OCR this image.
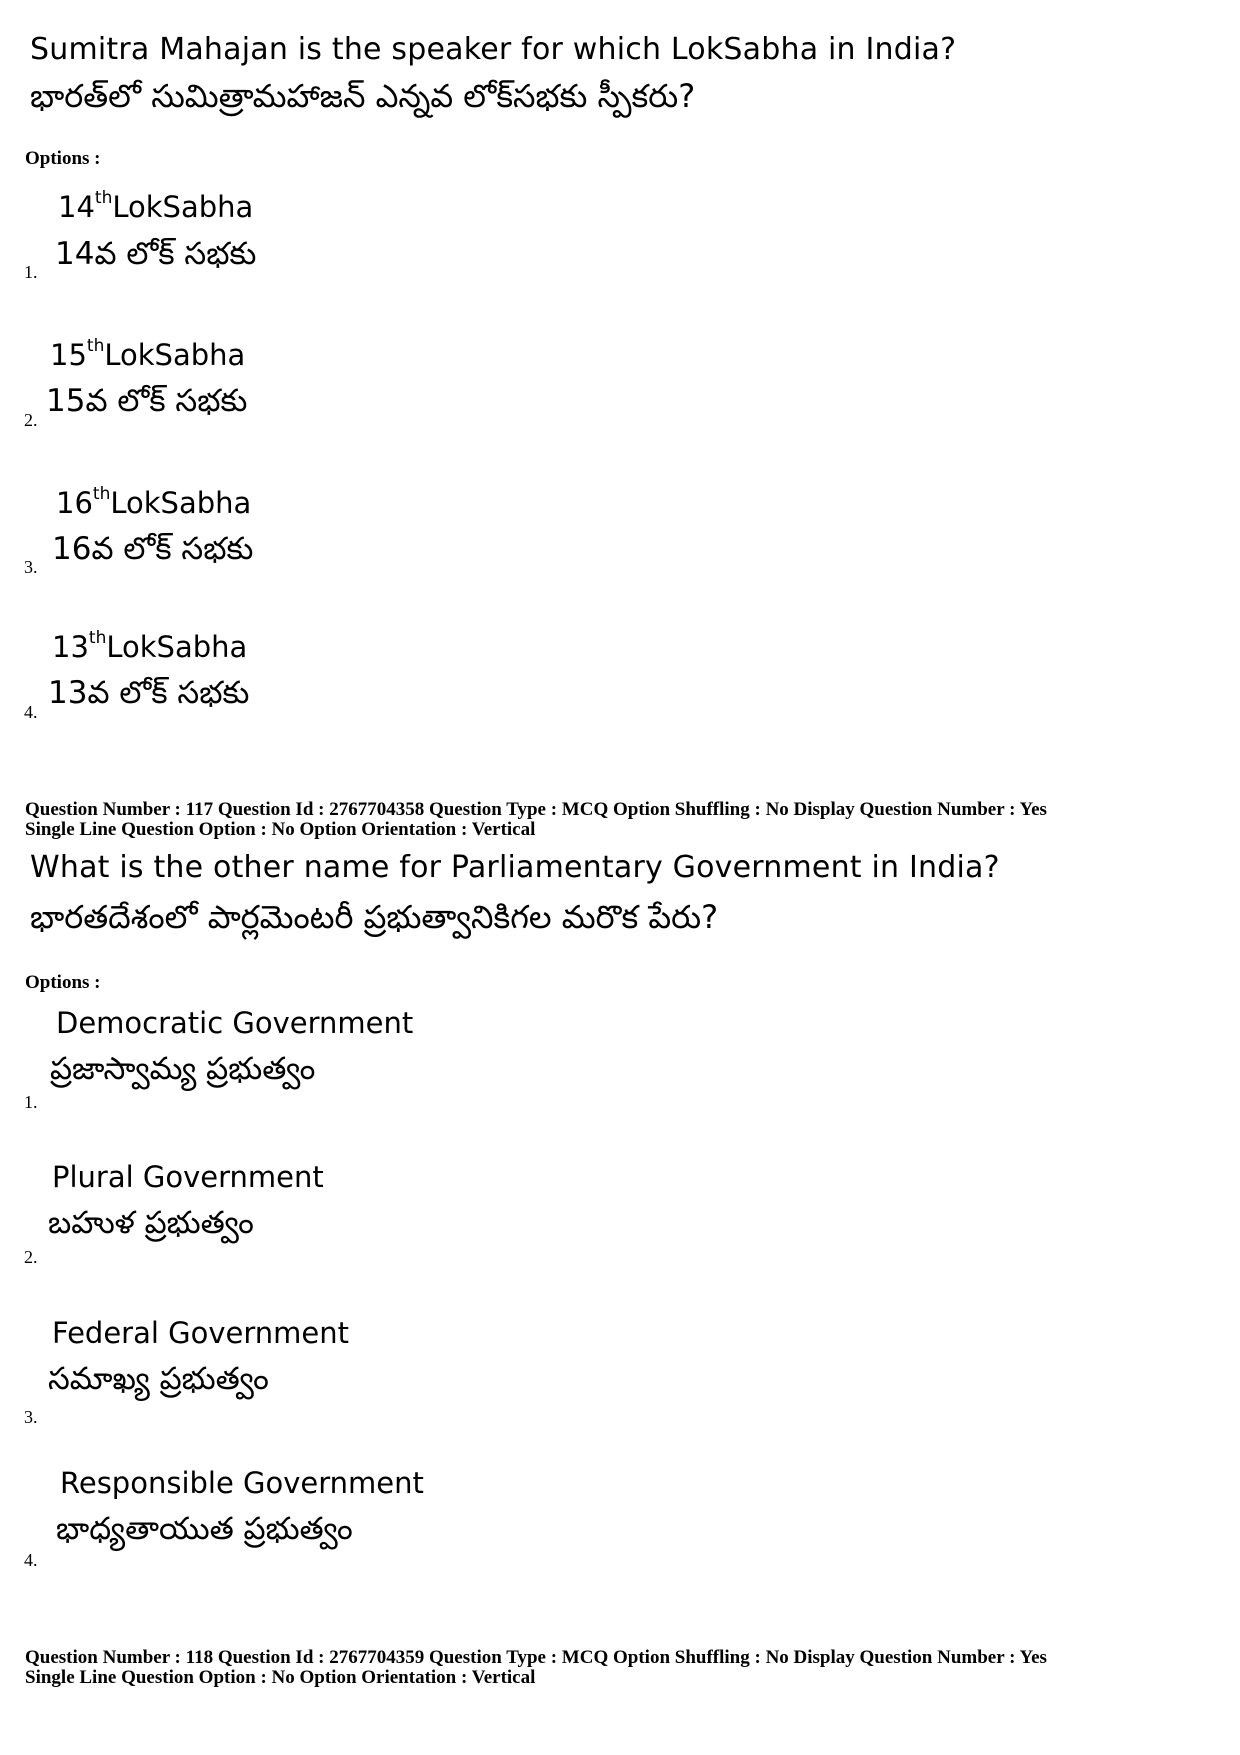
Sumitra Mahajan is the speaker for which LokSabha in India?
భారత్‌లో సుమిత్రామహాజన్ ఎన్నవ లోక్‌సభకు స్పీకరు?
Options :
14thLokSabha
14వ లోక్ సభకు
1.
15thLokSabha
15వ లోక్ సభకు
2.
16thLokSabha
16వ లోక్ సభకు
3.
13thLokSabha
13వ లోక్ సభకు
4.
Question Number : 117 Question Id : 2767704358 Question Type : MCQ Option Shuffling : No Display Question Number : Yes
Single Line Question Option : No Option Orientation : Vertical
What is the other name for Parliamentary Government in India?
భారతదేశంలో పార్లమెంటరీ ప్రభుత్వానికిగల మరొక పేరు?
Options :
Democratic Government
ప్రజాస్వామ్య ప్రభుత్వం
1.
Plural Government
బహుళ ప్రభుత్వం
2.
Federal Government
సమాఖ్య ప్రభుత్వం
3.
Responsible Government
భాధ్యతాయుత ప్రభుత్వం
4.
Question Number : 118 Question Id : 2767704359 Question Type : MCQ Option Shuffling : No Display Question Number : Yes
Single Line Question Option : No Option Orientation : Vertical
